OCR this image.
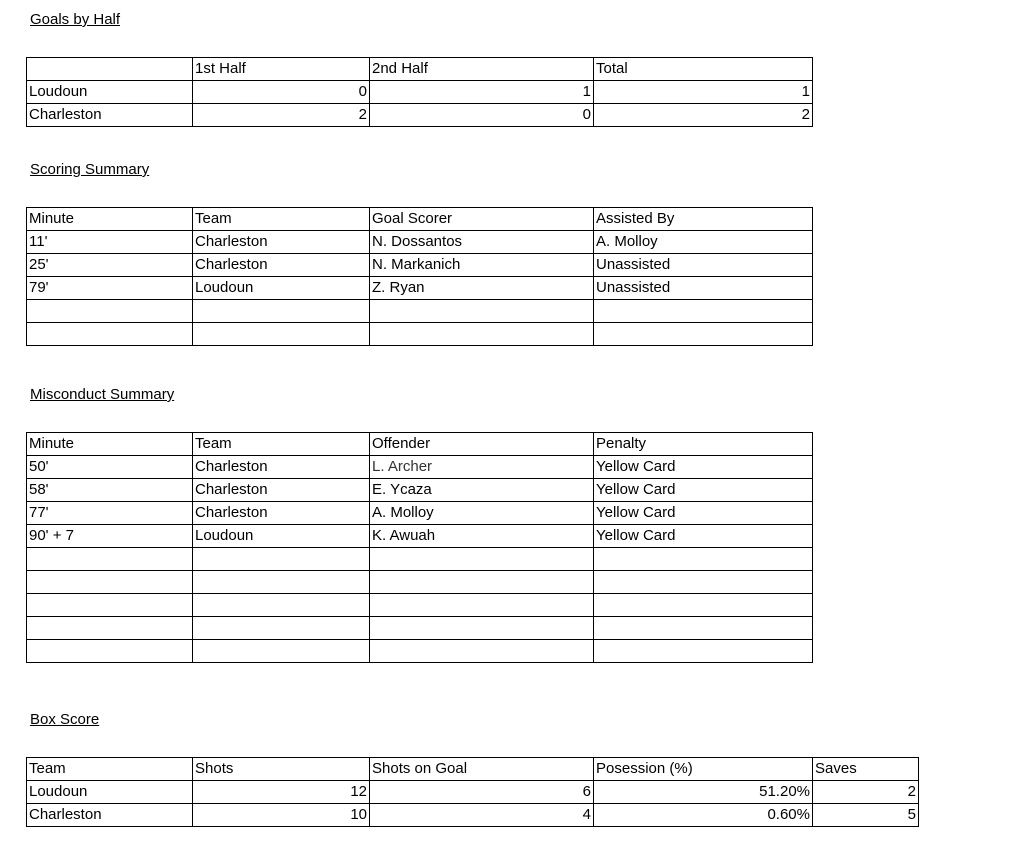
Goals by Half
	1st Half	2nd Half	Total
Loudoun	0	1	1
Charleston	2	0	2
Scoring Summary
Minute	Team	Goal Scorer	Assisted By
11'	Charleston	N. Dossantos	A. Molloy
25'	Charleston	N. Markanich	Unassisted
79'	Loudoun	Z. Ryan	Unassisted

Misconduct Summary
Minute	Team	Offender	Penalty
50'	Charleston	L. Archer	Yellow Card
58'	Charleston	E. Ycaza	Yellow Card
77'	Charleston	A. Molloy	Yellow Card
90' + 7	Loudoun	K. Awuah	Yellow Card

Box Score
Team	Shots	Shots on Goal	Posession (%)	Saves
Loudoun	12	6	51.20%	2
Charleston	10	4	0.60%	5
